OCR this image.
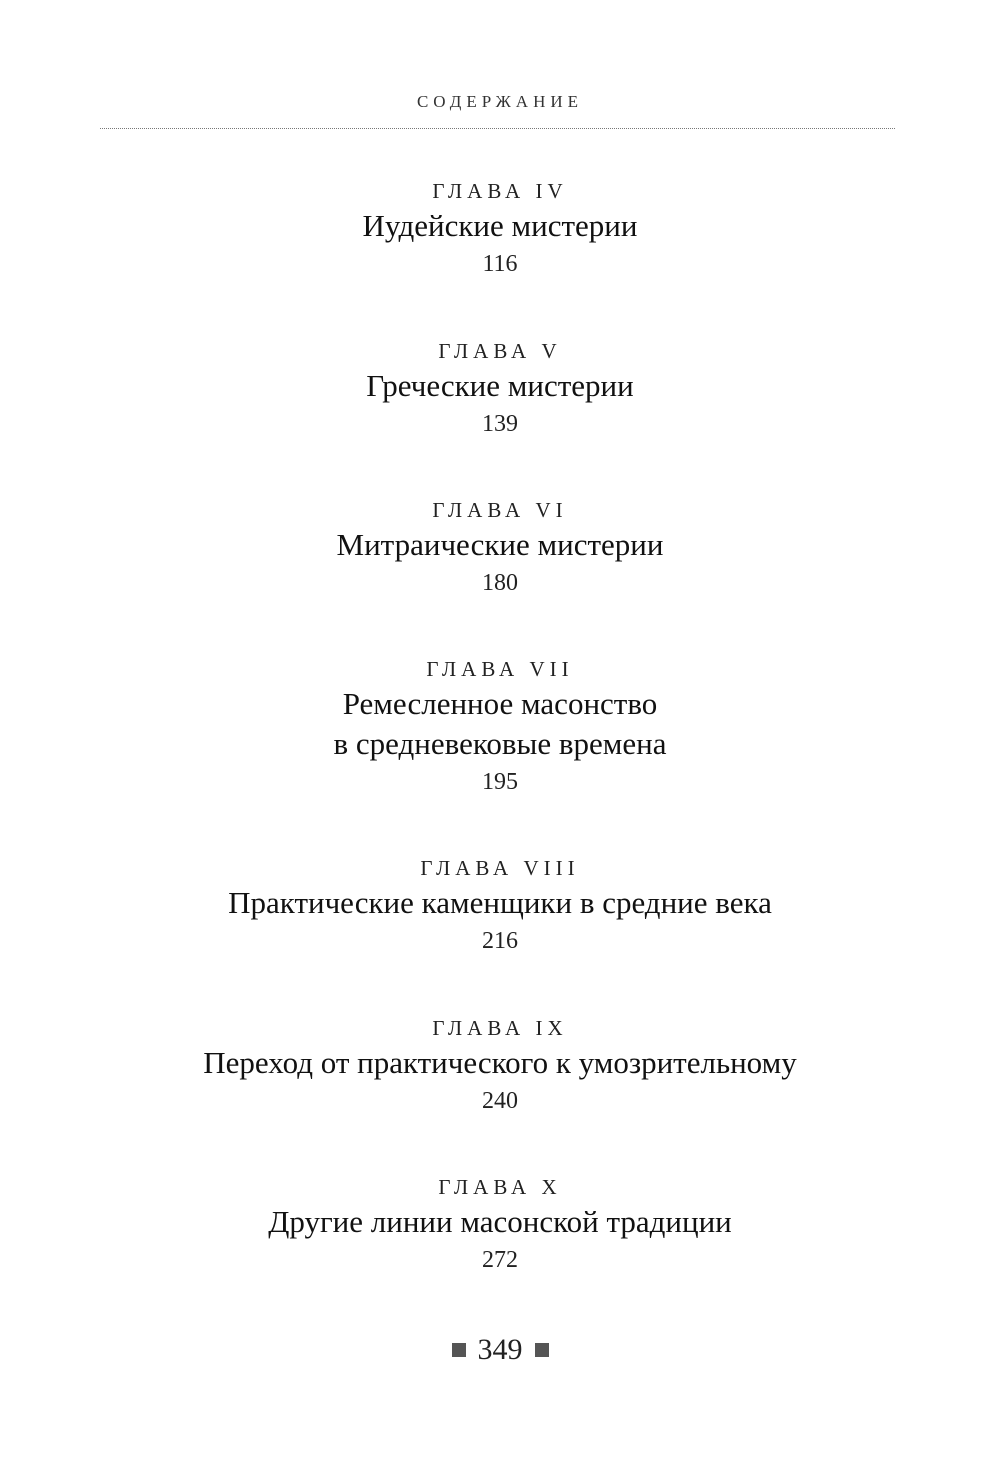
СОДЕРЖАНИЕ
ГЛАВА IV
Иудейские мистерии
116
ГЛАВА V
Греческие мистерии
139
ГЛАВА VI
Митраические мистерии
180
ГЛАВА VII
Ремесленное масонство
в средневековые времена
195
ГЛАВА VIII
Практические каменщики в средние века
216
ГЛАВА IX
Переход от практического к умозрительному
240
ГЛАВА X
Другие линии масонской традиции
272
349
